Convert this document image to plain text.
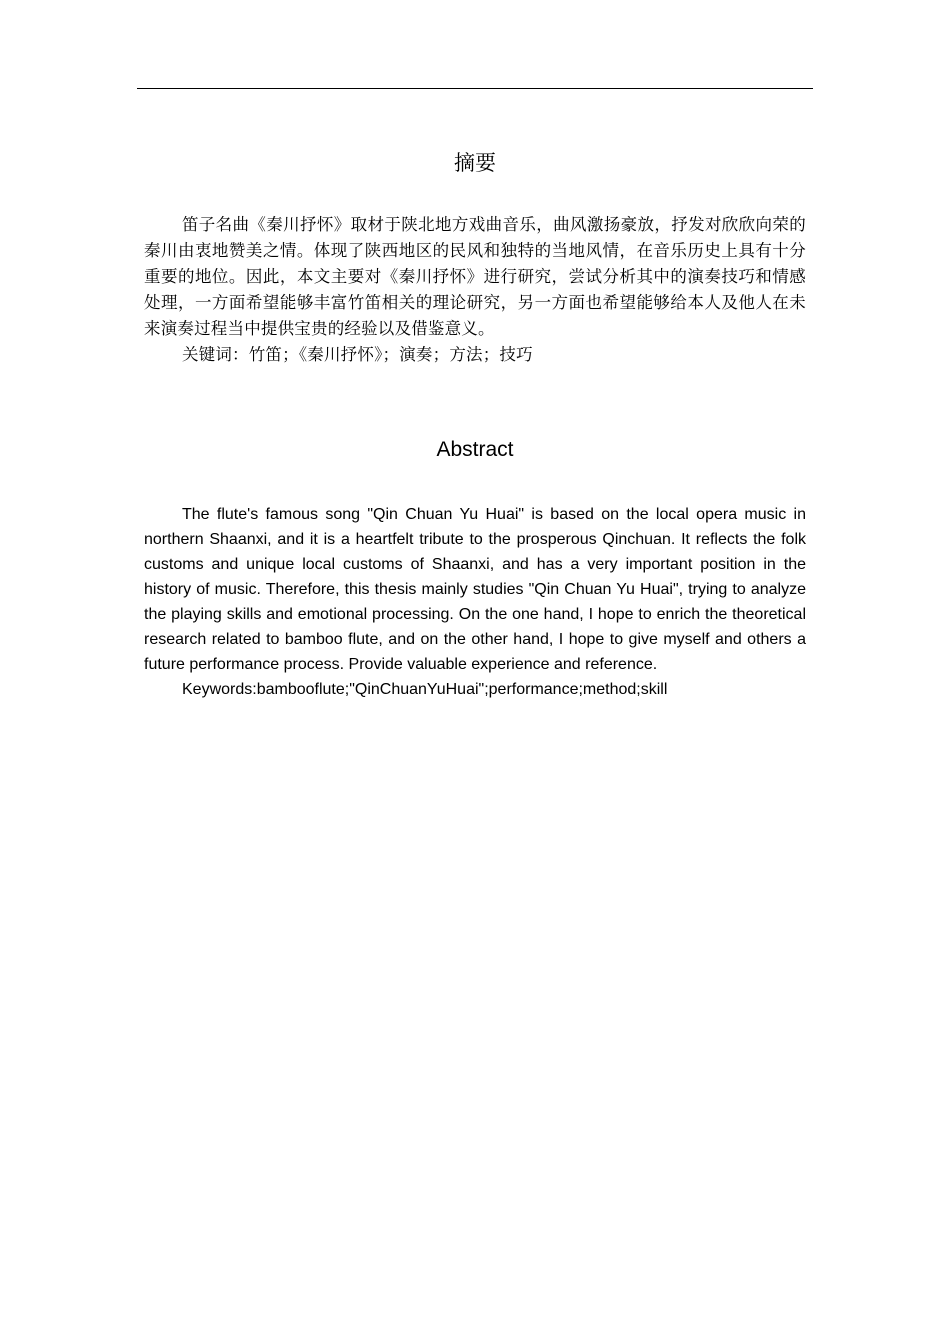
摘要

笛子名曲《秦川抒怀》取材于陕北地方戏曲音乐，曲风激扬豪放，抒发对欣欣向荣的秦川由衷地赞美之情。体现了陕西地区的民风和独特的当地风情，在音乐历史上具有十分重要的地位。因此，本文主要对《秦川抒怀》进行研究，尝试分析其中的演奏技巧和情感处理，一方面希望能够丰富竹笛相关的理论研究，另一方面也希望能够给本人及他人在未来演奏过程当中提供宝贵的经验以及借鉴意义。

关键词：竹笛；《秦川抒怀》；演奏；方法；技巧

Abstract

The flute's famous song "Qin Chuan Yu Huai" is based on the local opera music in northern Shaanxi, and it is a heartfelt tribute to the prosperous Qinchuan. It reflects the folk customs and unique local customs of Shaanxi, and has a very important position in the history of music. Therefore, this thesis mainly studies "Qin Chuan Yu Huai", trying to analyze the playing skills and emotional processing. On the one hand, I hope to enrich the theoretical research related to bamboo flute, and on the other hand, I hope to give myself and others a future performance process. Provide valuable experience and reference.

Keywords:bambooflute;"QinChuanYuHuai";performance;method;skill
